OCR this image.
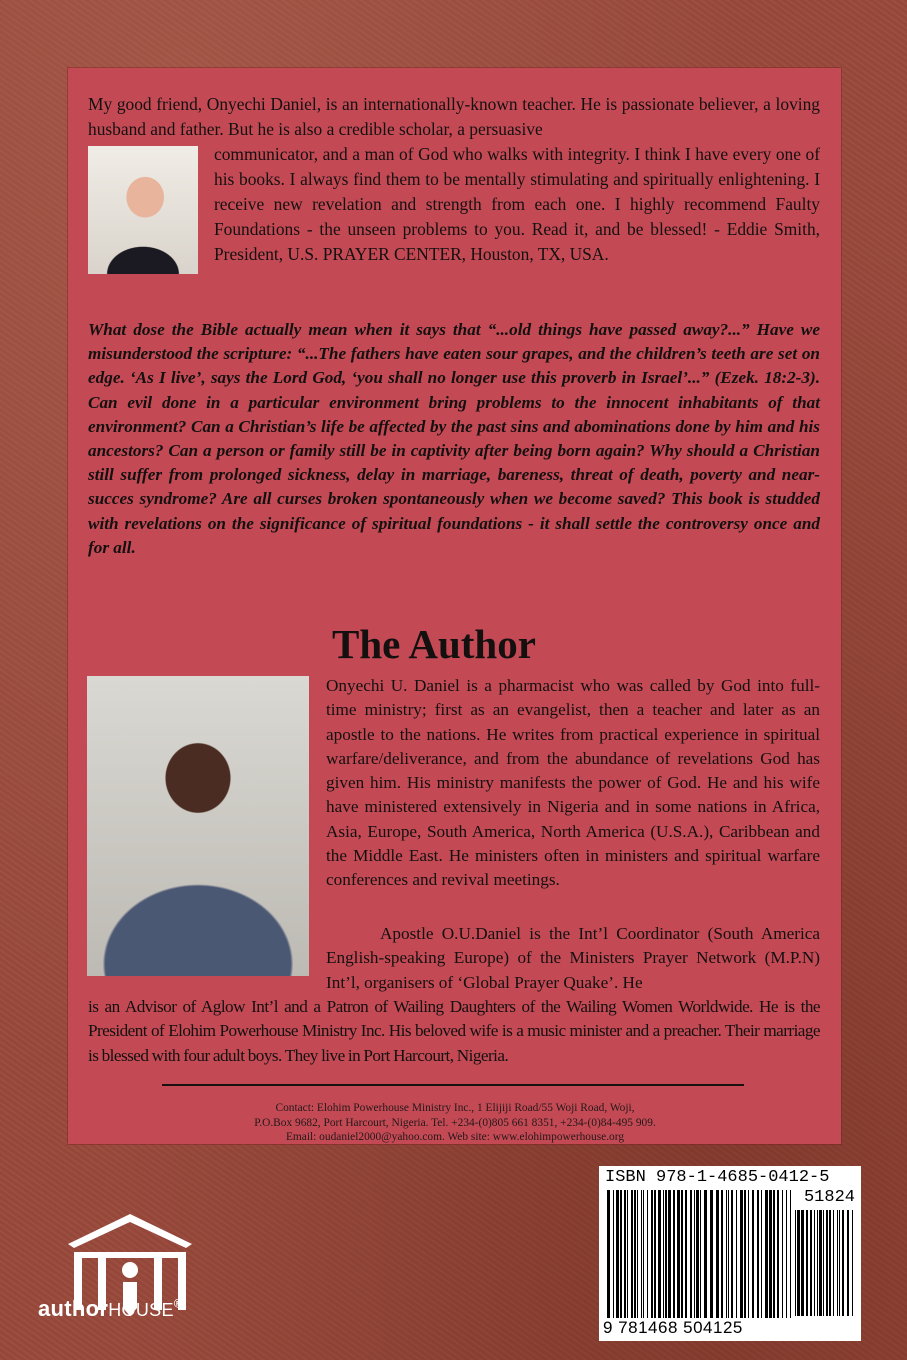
My good friend, Onyechi Daniel, is an internationally-known teacher. He is passionate believer, a loving husband and father. But he is also a credible scholar, a persuasive

communicator, and a man of God who walks with integrity. I think I have every one of his books. I always find them to be mentally stimulating and spiritually enlightening. I receive new revelation and strength from each one. I highly recommend Faulty Foundations - the unseen problems to you. Read it, and be blessed! - Eddie Smith, President, U.S. PRAYER CENTER, Houston, TX, USA.

What dose the Bible actually mean when it says that “...old things have passed away?...” Have we misunderstood the scripture: “...The fathers have eaten sour grapes, and the children’s teeth are set on edge. ‘As I live’, says the Lord God, ‘you shall no longer use this proverb in Israel’...” (Ezek. 18:2-3). Can evil done in a particular environment bring problems to the innocent inhabitants of that environment? Can a Christian’s life be affected by the past sins and abominations done by him and his ancestors? Can a person or family still be in captivity after being born again? Why should a Christian still suffer from prolonged sickness, delay in marriage, bareness, threat of death, poverty and near-succes syndrome? Are all curses broken spontaneously when we become saved? This book is studded with revelations on the significance of spiritual foundations - it shall settle the controversy once and for all.

The Author

Onyechi U. Daniel is a pharmacist who was called by God into full-time ministry; first as an evangelist, then a teacher and later as an apostle to the nations. He writes from practical experience in spiritual warfare/deliverance, and from the abundance of revelations God has given him. His ministry manifests the power of God. He and his wife have ministered extensively in Nigeria and in some nations in Africa, Asia, Europe, South America, North America (U.S.A.), Caribbean and the Middle East. He ministers often in ministers and spiritual warfare conferences and revival meetings.

Apostle O.U.Daniel is the Int’l Coordinator (South America English-speaking Europe) of the Ministers Prayer Network (M.P.N) Int’l, organisers of ‘Global Prayer Quake’. He

is an Advisor of Aglow Int’l and a Patron of Wailing Daughters of the Wailing Women Worldwide. He is the President of Elohim Powerhouse Ministry Inc. His beloved wife is a music minister and a preacher. Their marriage is blessed with four adult boys. They live in Port Harcourt, Nigeria.

Contact: Elohim Powerhouse Ministry Inc., 1 Elijiji Road/55 Woji Road, Woji,
P.O.Box 9682, Port Harcourt, Nigeria. Tel. +234-(0)805 661 8351, +234-(0)84-495 909.
Email: oudaniel2000@yahoo.com. Web site: www.elohimpowerhouse.org
authorHOUSE®
ISBN 978-1-4685-0412-5
51824
9 781468 504125
